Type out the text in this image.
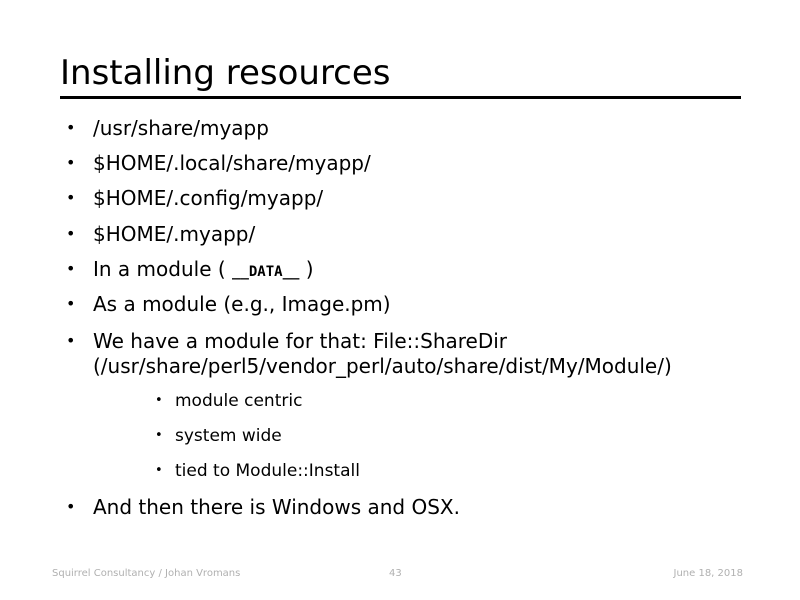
Installing resources
• /usr/share/myapp
• $HOME/.local/share/myapp/
• $HOME/.config/myapp/
• $HOME/.myapp/
• In a module ( __DATA__ )
• As a module (e.g., Image.pm)
• We have a module for that: File::ShareDir
(/usr/share/perl5/vendor_perl/auto/share/dist/My/Module/)
• module centric
• system wide
• tied to Module::Install
• And then there is Windows and OSX.
Squirrel Consultancy / Johan Vromans	43	June 18, 2018
